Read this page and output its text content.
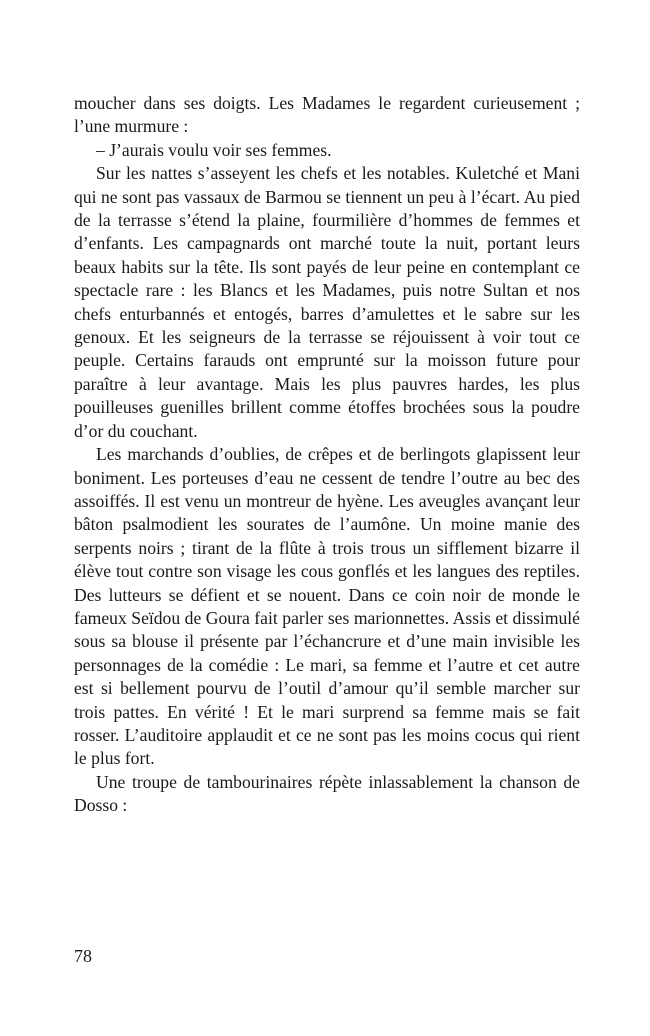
moucher dans ses doigts. Les Madames le regardent curieusement ; l’une murmure :

– J’aurais voulu voir ses femmes.

Sur les nattes s’asseyent les chefs et les notables. Kuletché et Mani qui ne sont pas vassaux de Barmou se tiennent un peu à l’écart. Au pied de la terrasse s’étend la plaine, fourmilière d’hommes de femmes et d’enfants. Les campagnards ont marché toute la nuit, portant leurs beaux habits sur la tête. Ils sont payés de leur peine en contemplant ce spectacle rare : les Blancs et les Madames, puis notre Sultan et nos chefs enturbannés et entogés, barres d’amulettes et le sabre sur les genoux. Et les seigneurs de la terrasse se réjouissent à voir tout ce peuple. Certains farauds ont emprunté sur la moisson future pour paraître à leur avantage. Mais les plus pauvres hardes, les plus pouilleuses guenilles brillent comme étoffes brochées sous la poudre d’or du couchant.

Les marchands d’oublies, de crêpes et de berlingots glapissent leur boniment. Les porteuses d’eau ne cessent de tendre l’outre au bec des assoiffés. Il est venu un montreur de hyène. Les aveugles avançant leur bâton psalmodient les sourates de l’aumône. Un moine manie des serpents noirs ; tirant de la flûte à trois trous un sifflement bizarre il élève tout contre son visage les cous gonflés et les langues des reptiles. Des lutteurs se défient et se nouent. Dans ce coin noir de monde le fameux Seïdou de Goura fait parler ses marionnettes. Assis et dissimulé sous sa blouse il présente par l’échancrure et d’une main invisible les personnages de la comédie : Le mari, sa femme et l’autre et cet autre est si bellement pourvu de l’outil d’amour qu’il semble marcher sur trois pattes. En vérité ! Et le mari surprend sa femme mais se fait rosser. L’auditoire applaudit et ce ne sont pas les moins cocus qui rient le plus fort.

Une troupe de tambourinaires répète inlassablement la chanson de Dosso :

78
